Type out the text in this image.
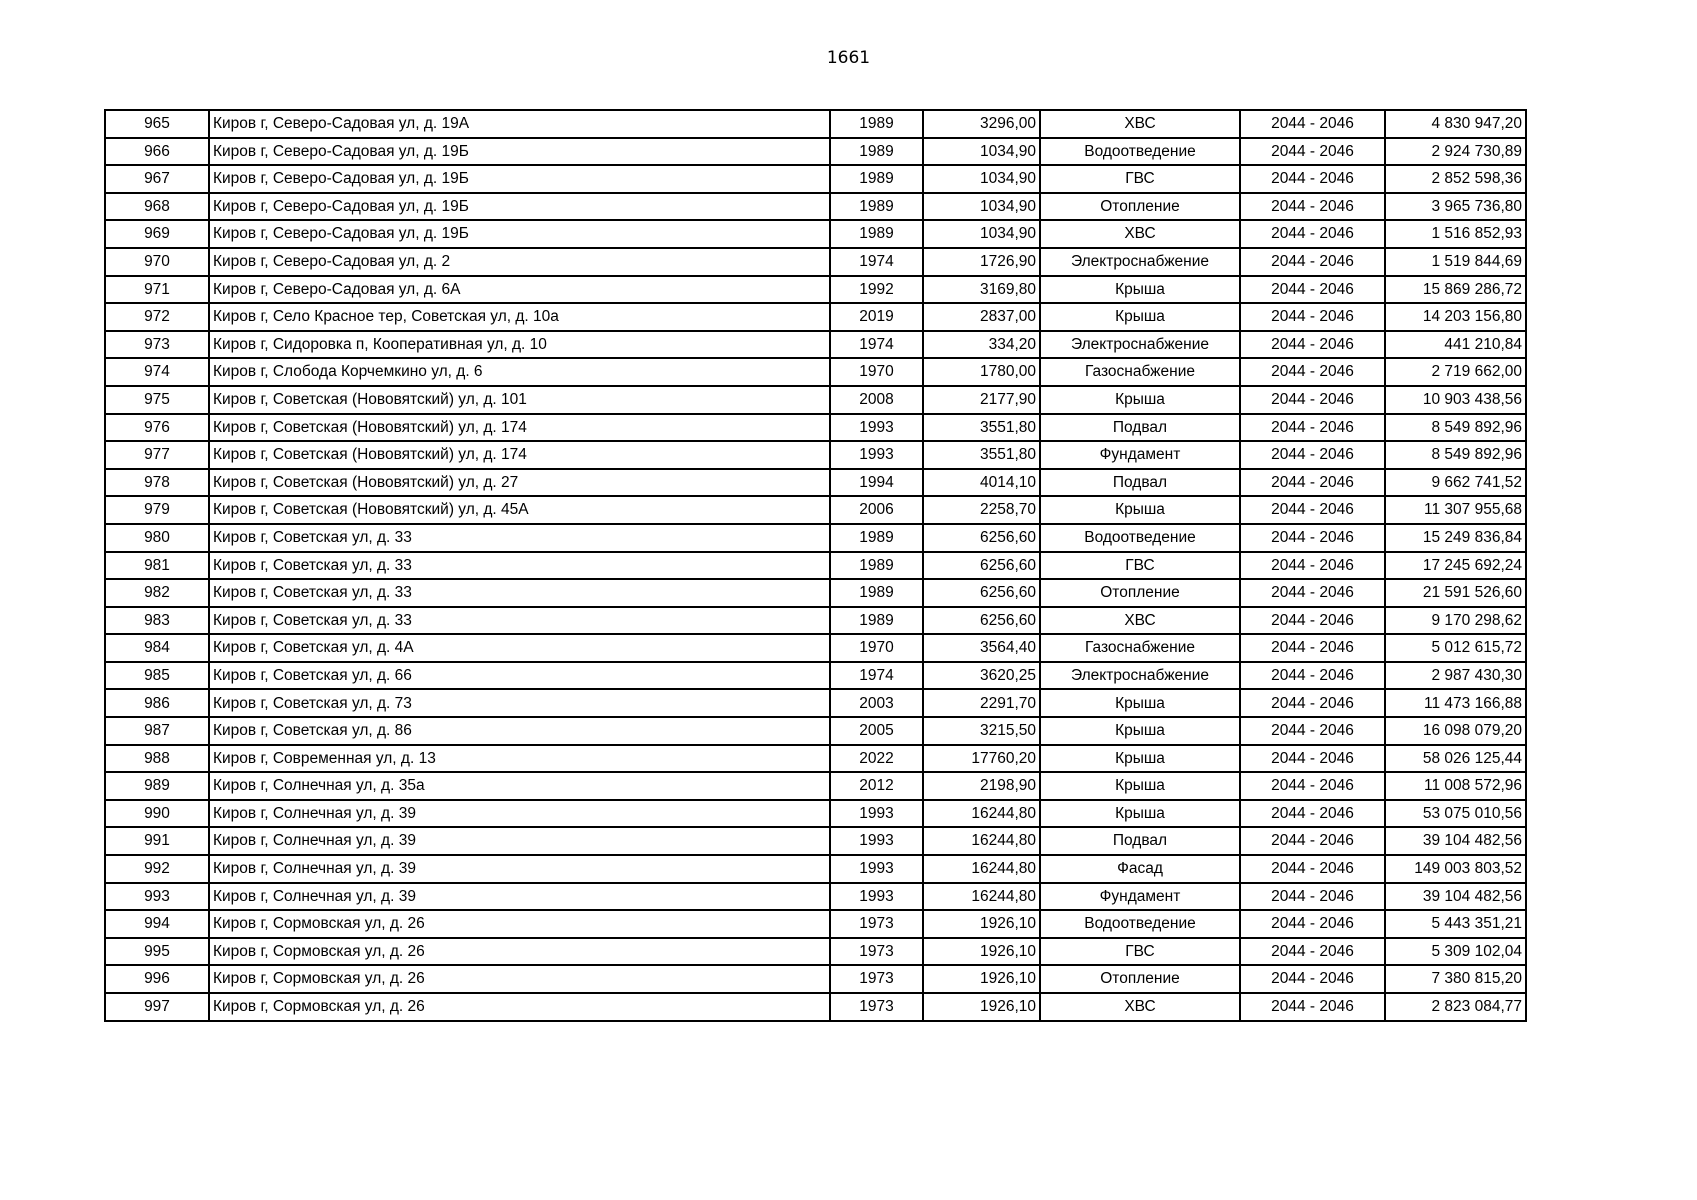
1661
965	Киров г, Северо-Садовая ул, д. 19А	1989	3296,00	ХВС	2044 - 2046	4 830 947,20
966	Киров г, Северо-Садовая ул, д. 19Б	1989	1034,90	Водоотведение	2044 - 2046	2 924 730,89
967	Киров г, Северо-Садовая ул, д. 19Б	1989	1034,90	ГВС	2044 - 2046	2 852 598,36
968	Киров г, Северо-Садовая ул, д. 19Б	1989	1034,90	Отопление	2044 - 2046	3 965 736,80
969	Киров г, Северо-Садовая ул, д. 19Б	1989	1034,90	ХВС	2044 - 2046	1 516 852,93
970	Киров г, Северо-Садовая ул, д. 2	1974	1726,90	Электроснабжение	2044 - 2046	1 519 844,69
971	Киров г, Северо-Садовая ул, д. 6А	1992	3169,80	Крыша	2044 - 2046	15 869 286,72
972	Киров г, Село Красное тер, Советская ул, д. 10а	2019	2837,00	Крыша	2044 - 2046	14 203 156,80
973	Киров г, Сидоровка п, Кооперативная ул, д. 10	1974	334,20	Электроснабжение	2044 - 2046	441 210,84
974	Киров г, Слобода Корчемкино ул, д. 6	1970	1780,00	Газоснабжение	2044 - 2046	2 719 662,00
975	Киров г, Советская (Нововятский) ул, д. 101	2008	2177,90	Крыша	2044 - 2046	10 903 438,56
976	Киров г, Советская (Нововятский) ул, д. 174	1993	3551,80	Подвал	2044 - 2046	8 549 892,96
977	Киров г, Советская (Нововятский) ул, д. 174	1993	3551,80	Фундамент	2044 - 2046	8 549 892,96
978	Киров г, Советская (Нововятский) ул, д. 27	1994	4014,10	Подвал	2044 - 2046	9 662 741,52
979	Киров г, Советская (Нововятский) ул, д. 45А	2006	2258,70	Крыша	2044 - 2046	11 307 955,68
980	Киров г, Советская ул, д. 33	1989	6256,60	Водоотведение	2044 - 2046	15 249 836,84
981	Киров г, Советская ул, д. 33	1989	6256,60	ГВС	2044 - 2046	17 245 692,24
982	Киров г, Советская ул, д. 33	1989	6256,60	Отопление	2044 - 2046	21 591 526,60
983	Киров г, Советская ул, д. 33	1989	6256,60	ХВС	2044 - 2046	9 170 298,62
984	Киров г, Советская ул, д. 4А	1970	3564,40	Газоснабжение	2044 - 2046	5 012 615,72
985	Киров г, Советская ул, д. 66	1974	3620,25	Электроснабжение	2044 - 2046	2 987 430,30
986	Киров г, Советская ул, д. 73	2003	2291,70	Крыша	2044 - 2046	11 473 166,88
987	Киров г, Советская ул, д. 86	2005	3215,50	Крыша	2044 - 2046	16 098 079,20
988	Киров г, Современная ул, д. 13	2022	17760,20	Крыша	2044 - 2046	58 026 125,44
989	Киров г, Солнечная ул, д. 35а	2012	2198,90	Крыша	2044 - 2046	11 008 572,96
990	Киров г, Солнечная ул, д. 39	1993	16244,80	Крыша	2044 - 2046	53 075 010,56
991	Киров г, Солнечная ул, д. 39	1993	16244,80	Подвал	2044 - 2046	39 104 482,56
992	Киров г, Солнечная ул, д. 39	1993	16244,80	Фасад	2044 - 2046	149 003 803,52
993	Киров г, Солнечная ул, д. 39	1993	16244,80	Фундамент	2044 - 2046	39 104 482,56
994	Киров г, Сормовская ул, д. 26	1973	1926,10	Водоотведение	2044 - 2046	5 443 351,21
995	Киров г, Сормовская ул, д. 26	1973	1926,10	ГВС	2044 - 2046	5 309 102,04
996	Киров г, Сормовская ул, д. 26	1973	1926,10	Отопление	2044 - 2046	7 380 815,20
997	Киров г, Сормовская ул, д. 26	1973	1926,10	ХВС	2044 - 2046	2 823 084,77
